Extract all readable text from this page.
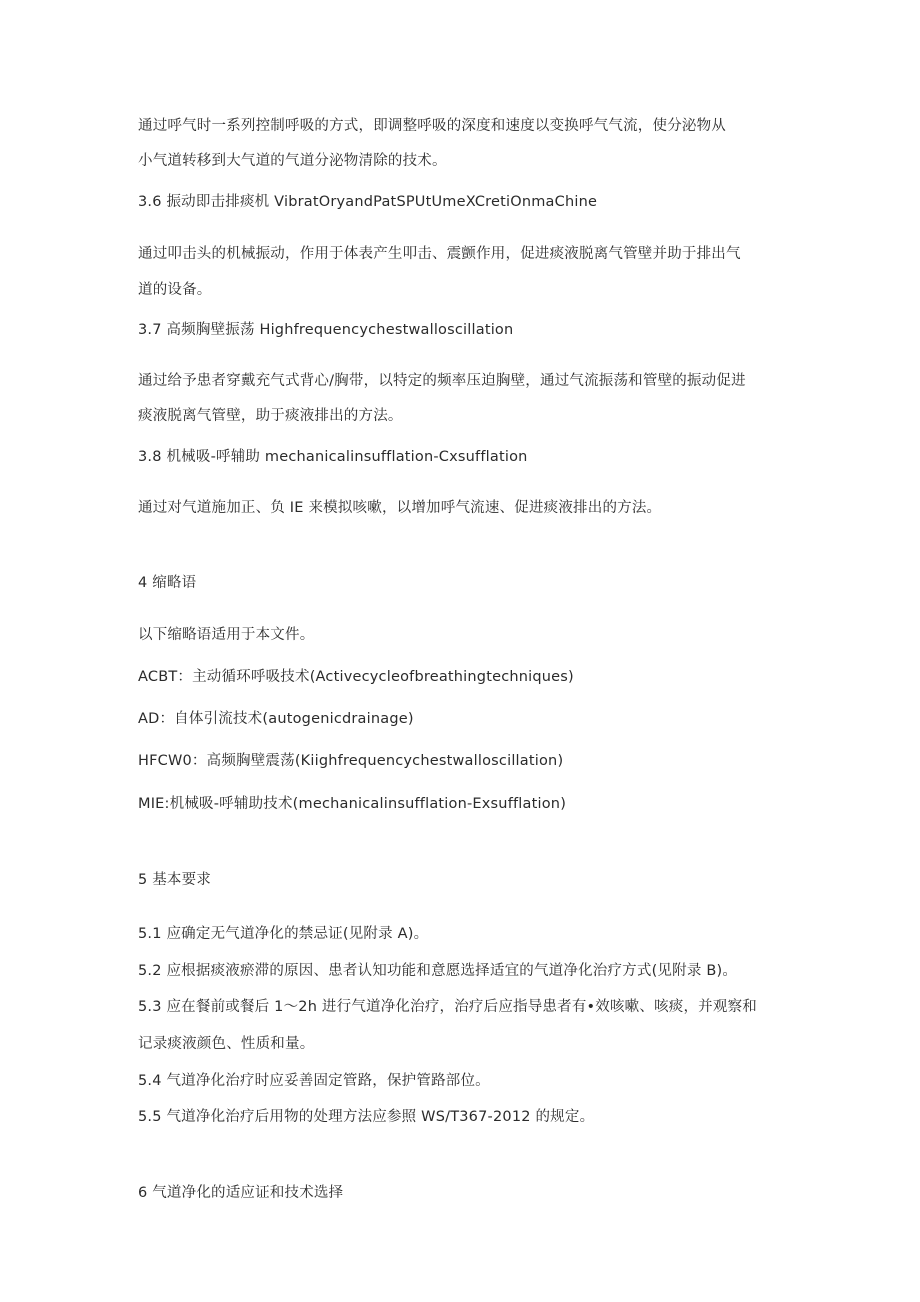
通过呼气时一系列控制呼吸的方式，即调整呼吸的深度和速度以变换呼气气流，使分泌物从
小气道转移到大气道的气道分泌物清除的技术。
3.6 振动即击排痰机 VibratOryandPatSPUtUmeXCretiOnmaChine
通过叩击头的机械振动，作用于体表产生叩击、震颤作用，促进痰液脱离气管壁并助于排出气
道的设备。
3.7 高频胸壁振荡 Highfrequencychestwalloscillation
通过给予患者穿戴充气式背心/胸带，以特定的频率压迫胸壁，通过气流振荡和管壁的振动促进
痰液脱离气管壁，助于痰液排出的方法。
3.8 机械吸-呼辅助 mechanicalinsufflation-Cxsufflation
通过对气道施加正、负 IE 来模拟咳嗽，以增加呼气流速、促进痰液排出的方法。
4 缩略语
以下缩略语适用于本文件。
ACBT：主动循环呼吸技术(Activecycleofbreathingtechniques)
AD：自体引流技术(autogenicdrainage)
HFCW0：高频胸壁震荡(Kiighfrequencychestwalloscillation)
MIE:机械吸-呼辅助技术(mechanicalinsufflation-Exsufflation)
5 基本要求
5.1 应确定无气道净化的禁忌证(见附录 A)。
5.2 应根据痰液瘀滞的原因、患者认知功能和意愿选择适宜的气道净化治疗方式(见附录 B)。
5.3 应在餐前或餐后 1～2h 进行气道净化治疗，治疗后应指导患者有•效咳嗽、咳痰，并观察和
记录痰液颜色、性质和量。
5.4 气道净化治疗时应妥善固定管路，保护管路部位。
5.5 气道净化治疗后用物的处理方法应参照 WS/T367-2012 的规定。
6 气道净化的适应证和技术选择
